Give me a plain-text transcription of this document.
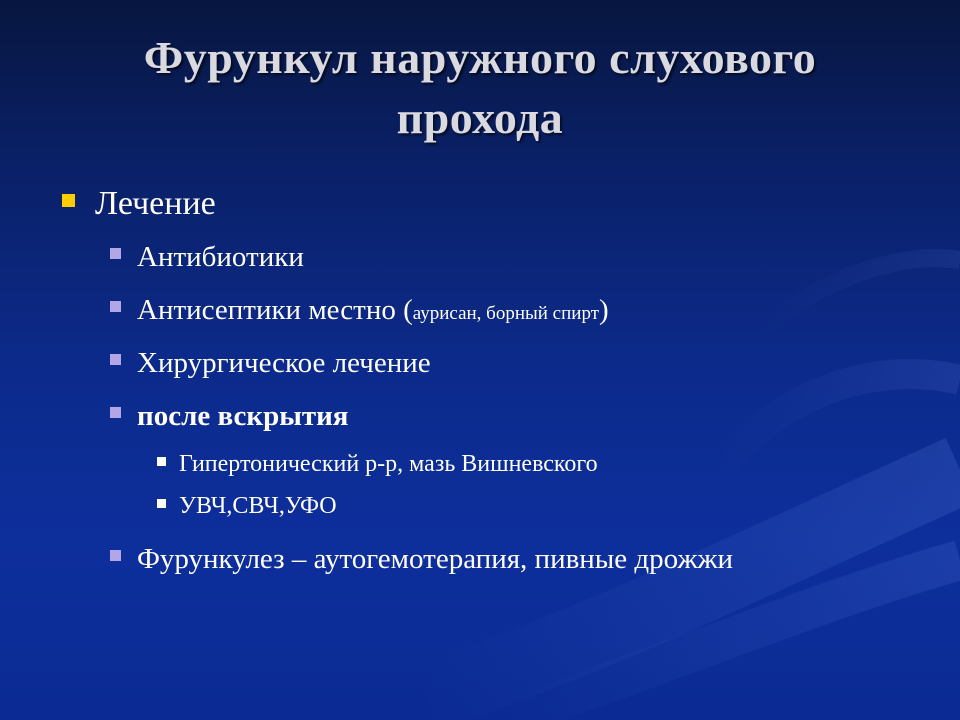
Фурункул наружного слухового
прохода
Лечение
Антибиотики
Антисептики местно (аурисан, борный спирт)
Хирургическое лечение
после вскрытия
Гипертонический р-р, мазь Вишневского
УВЧ,СВЧ,УФО
Фурункулез – аутогемотерапия, пивные дрожжи
